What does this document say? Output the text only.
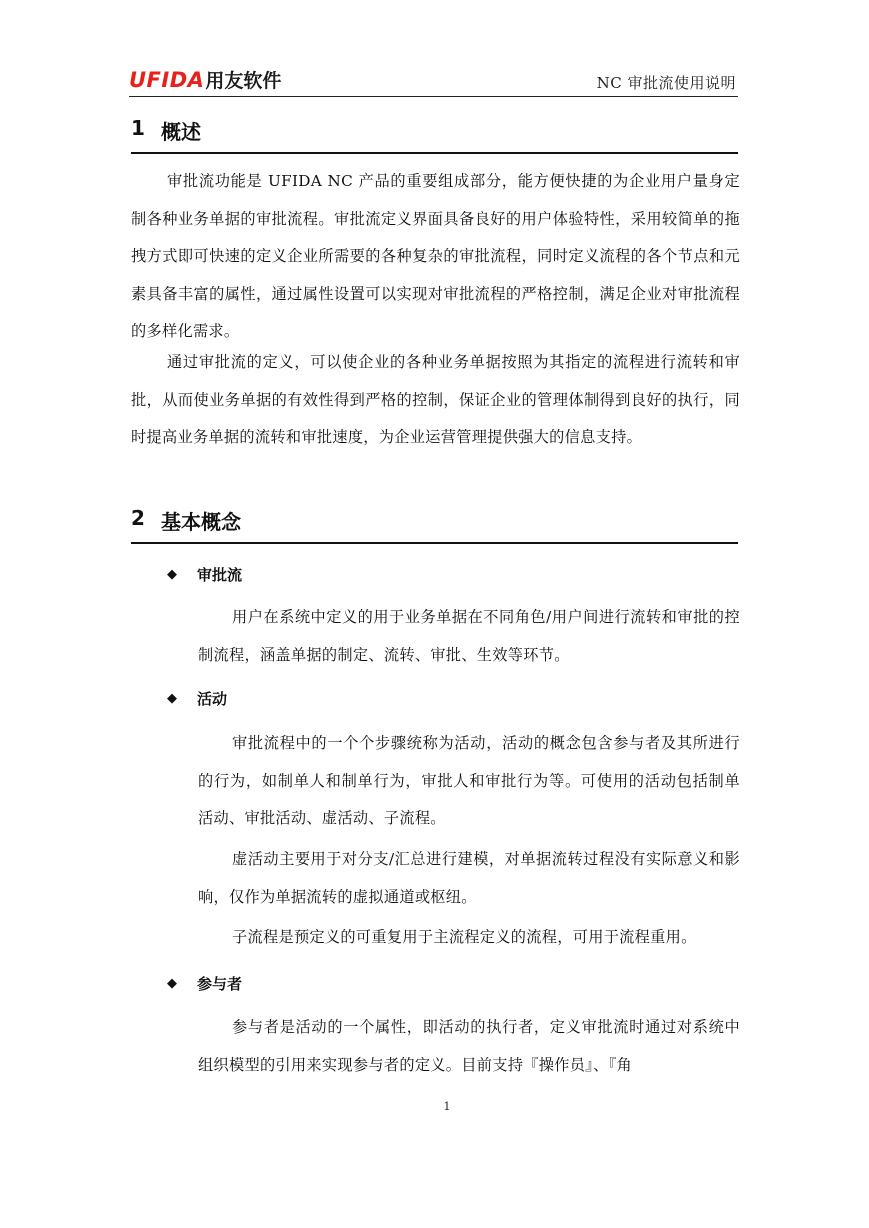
UFIDA 用友软件	NC 审批流使用说明
1 概述

审批流功能是 UFIDA NC 产品的重要组成部分，能方便快捷的为企业用户量身定制各种业务单据的审批流程。审批流定义界面具备良好的用户体验特性，采用较简单的拖拽方式即可快速的定义企业所需要的各种复杂的审批流程，同时定义流程的各个节点和元素具备丰富的属性，通过属性设置可以实现对审批流程的严格控制，满足企业对审批流程的多样化需求。

通过审批流的定义，可以使企业的各种业务单据按照为其指定的流程进行流转和审批，从而使业务单据的有效性得到严格的控制，保证企业的管理体制得到良好的执行，同时提高业务单据的流转和审批速度，为企业运营管理提供强大的信息支持。

2 基本概念
◆	审批流

用户在系统中定义的用于业务单据在不同角色/用户间进行流转和审批的控制流程，涵盖单据的制定、流转、审批、生效等环节。

◆	活动

审批流程中的一个个步骤统称为活动，活动的概念包含参与者及其所进行的行为，如制单人和制单行为，审批人和审批行为等。可使用的活动包括制单活动、审批活动、虚活动、子流程。

虚活动主要用于对分支/汇总进行建模，对单据流转过程没有实际意义和影响，仅作为单据流转的虚拟通道或枢纽。

子流程是预定义的可重复用于主流程定义的流程，可用于流程重用。

◆	参与者

参与者是活动的一个属性，即活动的执行者，定义审批流时通过对系统中组织模型的引用来实现参与者的定义。目前支持『操作员』、『角

1
